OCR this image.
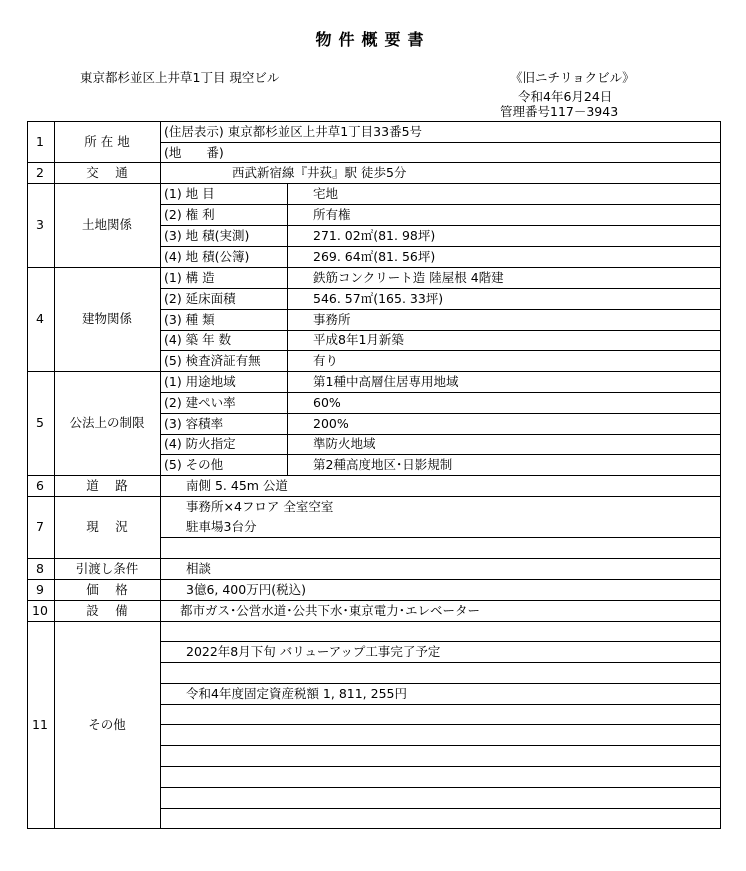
物件概要書
東京都杉並区上井草1丁目 現空ビル	《旧ニチリョクビル》
令和4年6月24日
管理番号117－3943
1	所 在 地
(住居表示) 東京都杉並区上井草1丁目33番5号
(地　　番)
2	交　 通	西武新宿線『井荻』駅 徒歩5分
3	土地関係
(1) 地 目	宅地
(2) 権 利	所有権
(3) 地 積(実測)	271. 02㎡(81. 98坪)
(4) 地 積(公簿)	269. 64㎡(81. 56坪)
4	建物関係
(1) 構 造	鉄筋コンクリート造 陸屋根 4階建
(2) 延床面積	546. 57㎡(165. 33坪)
(3) 種 類	事務所
(4) 築 年 数	平成8年1月新築
(5) 検査済証有無	有り
5	公法上の制限
(1) 用途地域	第1種中高層住居専用地域
(2) 建ぺい率	60%
(3) 容積率	200%
(4) 防火指定	準防火地域
(5) その他	第2種高度地区･日影規制
6	道　 路	南側 5. 45m 公道
7	現　 況
事務所×4フロア 全室空室
駐車場3台分
8	引渡し条件	相談
9	価　 格	3億6, 400万円(税込)
10	設　 備	都市ガス･公営水道･公共下水･東京電力･エレベーター
11	その他
2022年8月下旬 バリューアップ工事完了予定
令和4年度固定資産税額 1, 811, 255円
